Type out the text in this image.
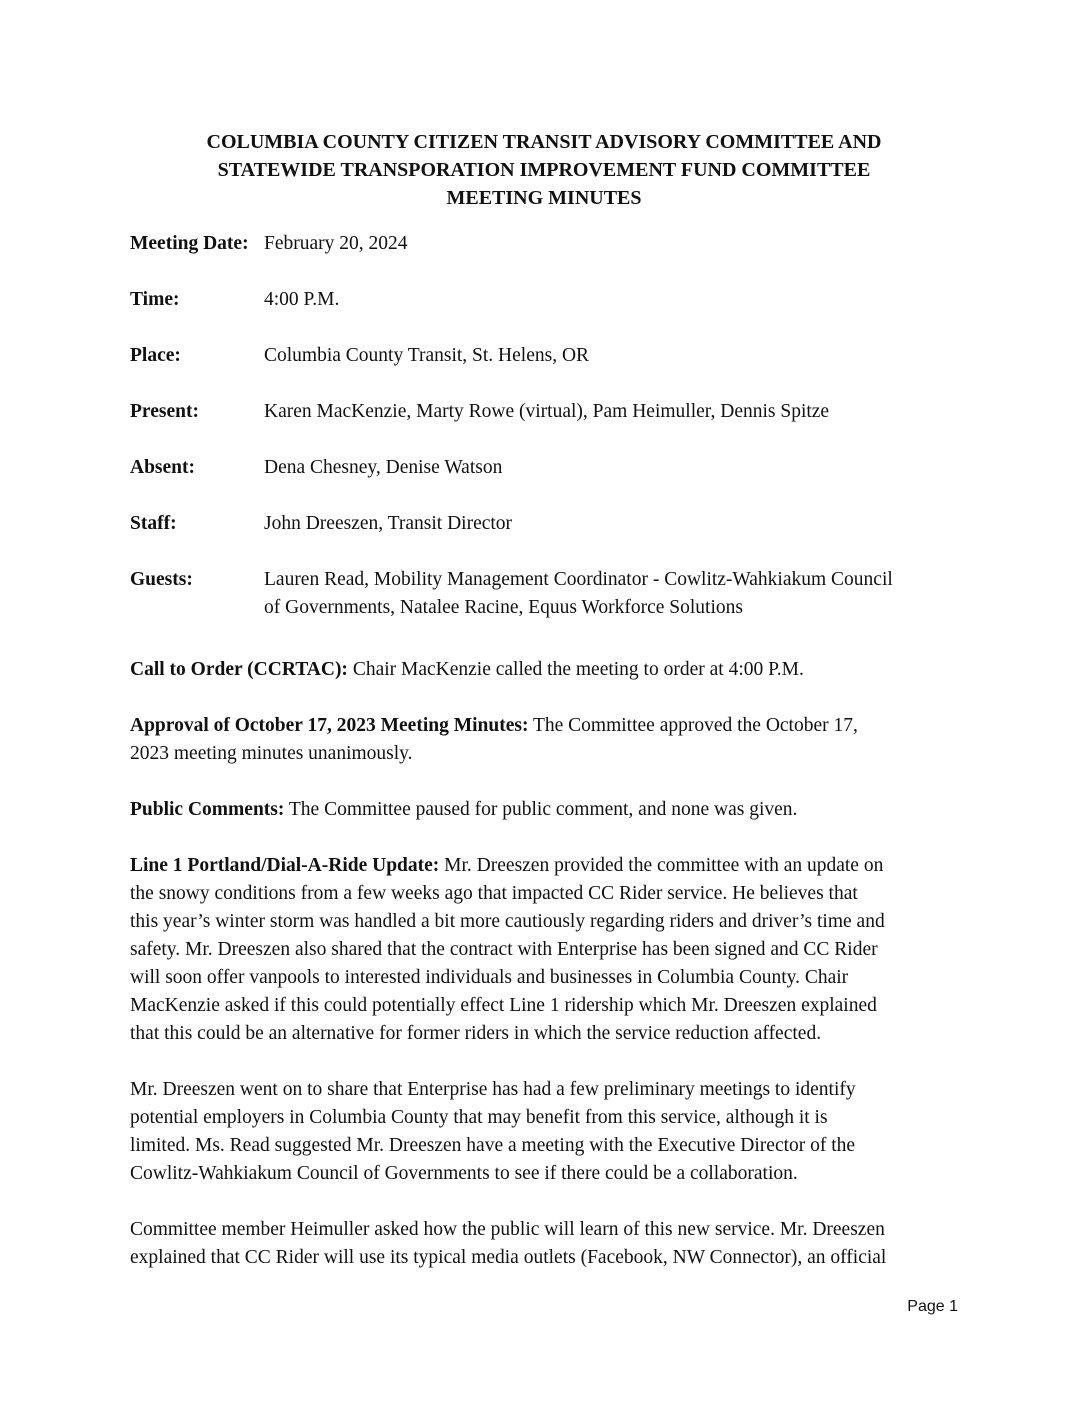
COLUMBIA COUNTY CITIZEN TRANSIT ADVISORY COMMITTEE AND
STATEWIDE TRANSPORATION IMPROVEMENT FUND COMMITTEE
MEETING MINUTES
Meeting Date: February 20, 2024
Time:	4:00 P.M.
Place:	Columbia County Transit, St. Helens, OR
Present:	Karen MacKenzie, Marty Rowe (virtual), Pam Heimuller, Dennis Spitze
Absent:	Dena Chesney, Denise Watson
Staff:	John Dreeszen, Transit Director
Guests:	Lauren Read, Mobility Management Coordinator - Cowlitz-Wahkiakum Council
of Governments, Natalee Racine, Equus Workforce Solutions

Call to Order (CCRTAC): Chair MacKenzie called the meeting to order at 4:00 P.M.

Approval of October 17, 2023 Meeting Minutes: The Committee approved the October 17,
2023 meeting minutes unanimously.

Public Comments: The Committee paused for public comment, and none was given.

Line 1 Portland/Dial-A-Ride Update: Mr. Dreeszen provided the committee with an update on
the snowy conditions from a few weeks ago that impacted CC Rider service. He believes that
this year’s winter storm was handled a bit more cautiously regarding riders and driver’s time and
safety. Mr. Dreeszen also shared that the contract with Enterprise has been signed and CC Rider
will soon offer vanpools to interested individuals and businesses in Columbia County. Chair
MacKenzie asked if this could potentially effect Line 1 ridership which Mr. Dreeszen explained
that this could be an alternative for former riders in which the service reduction affected.

Mr. Dreeszen went on to share that Enterprise has had a few preliminary meetings to identify
potential employers in Columbia County that may benefit from this service, although it is
limited. Ms. Read suggested Mr. Dreeszen have a meeting with the Executive Director of the
Cowlitz-Wahkiakum Council of Governments to see if there could be a collaboration.

Committee member Heimuller asked how the public will learn of this new service. Mr. Dreeszen
explained that CC Rider will use its typical media outlets (Facebook, NW Connector), an official

Page 1
